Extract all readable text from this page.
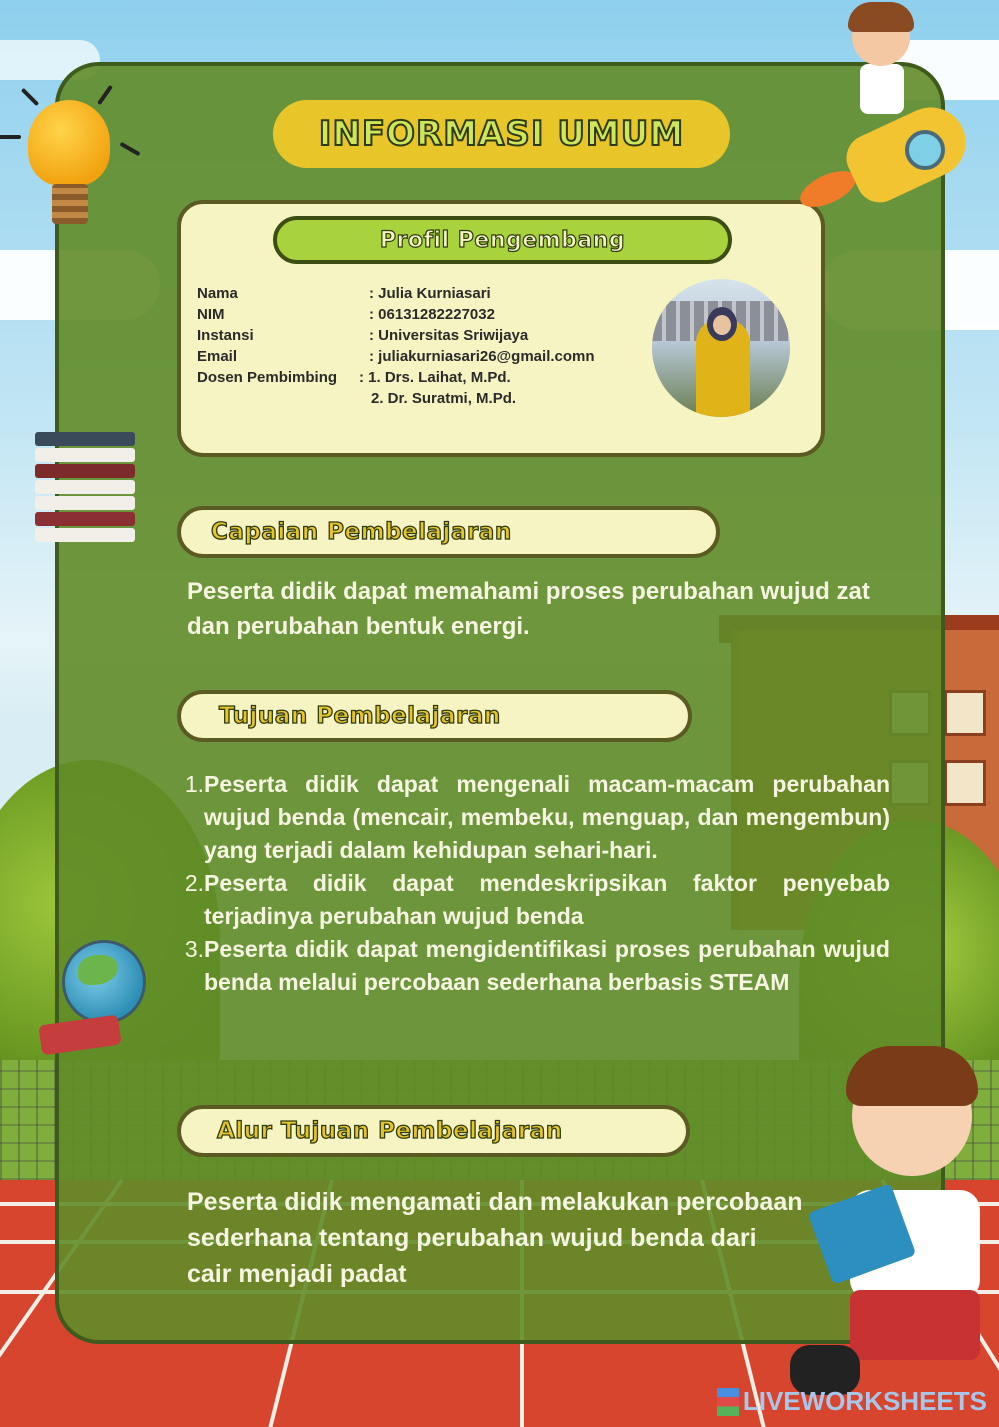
INFORMASI UMUM
Profil Pengembang
Nama	: Julia Kurniasari
NIM	: 06131282227032
Instansi	: Universitas Sriwijaya
Email	: juliakurniasari26@gmail.comn
Dosen Pembimbing	: 1. Drs. Laihat, M.Pd.
2. Dr. Suratmi, M.Pd.
Capaian Pembelajaran
Peserta didik dapat memahami proses perubahan wujud zat dan perubahan bentuk energi.
Tujuan Pembelajaran
1. Peserta didik dapat mengenali macam-macam perubahan wujud benda (mencair, membeku, menguap, dan mengembun) yang terjadi dalam kehidupan sehari-hari.
2. Peserta didik dapat mendeskripsikan faktor penyebab terjadinya perubahan wujud benda
3. Peserta didik dapat mengidentifikasi proses perubahan wujud benda melalui percobaan sederhana berbasis STEAM
Alur Tujuan Pembelajaran
Peserta didik mengamati dan melakukan percobaan sederhana tentang perubahan wujud benda dari cair menjadi padat
LIVEWORKSHEETS
